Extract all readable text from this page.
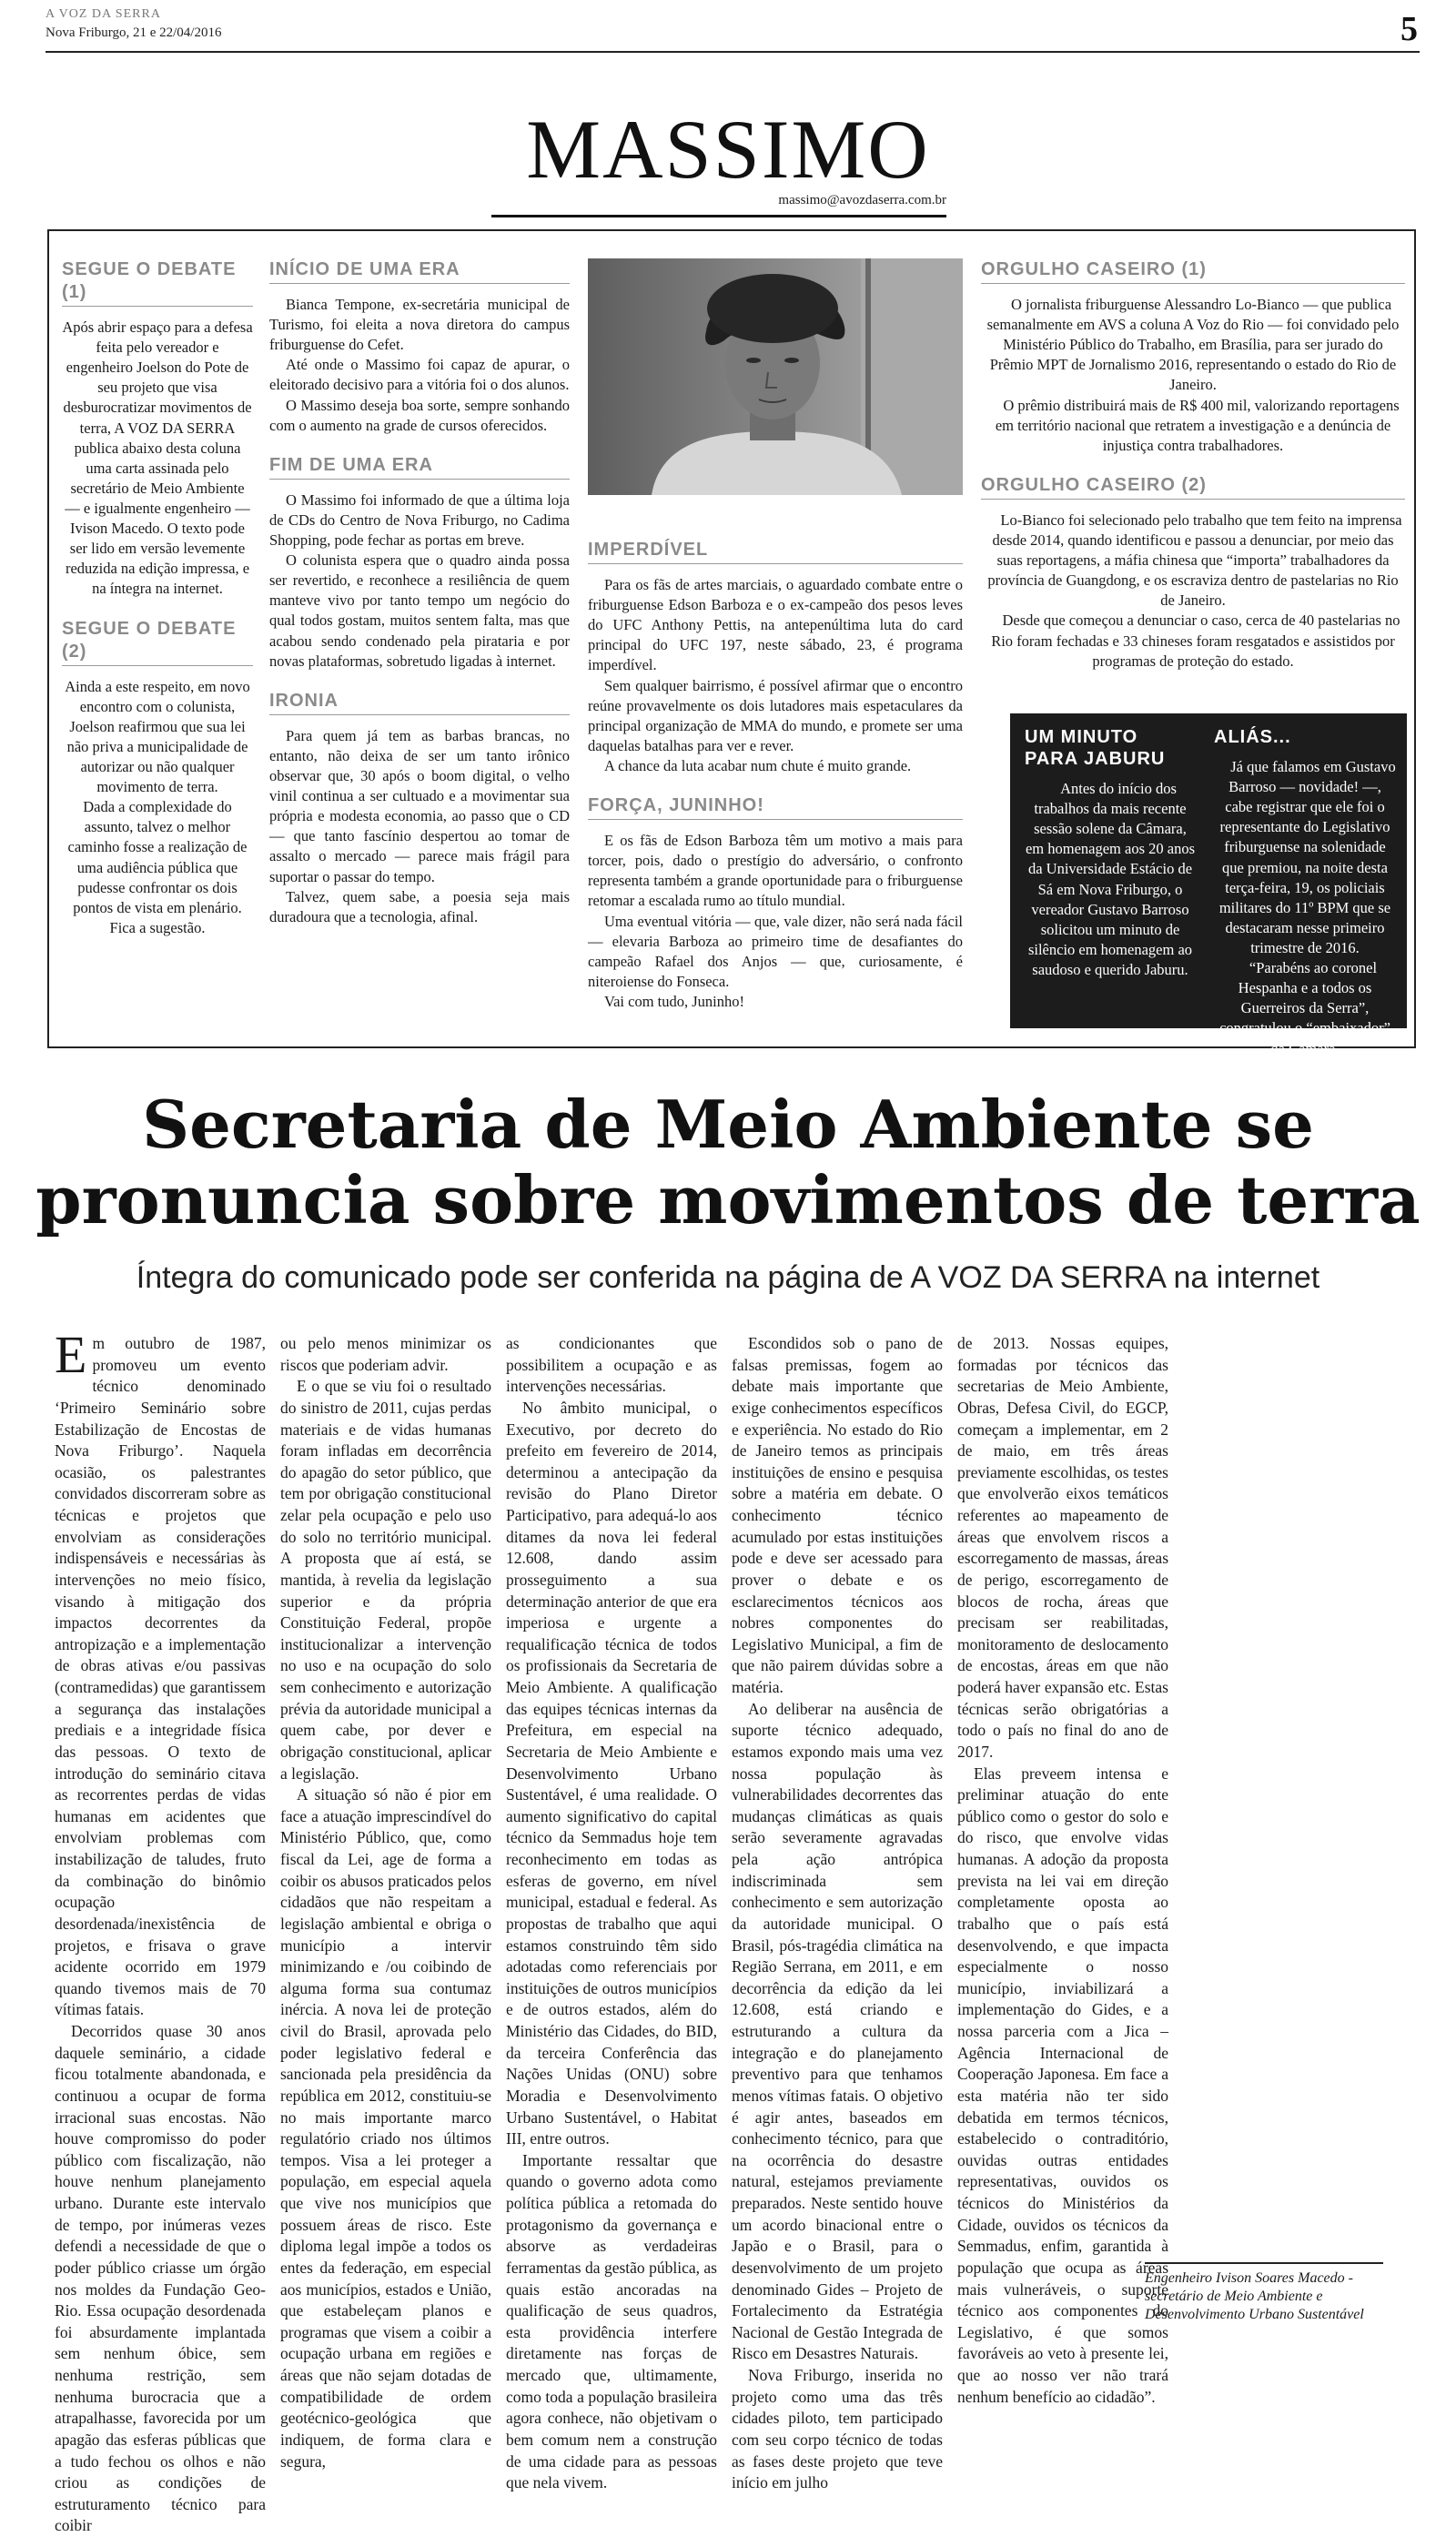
A VOZ DA SERRA
Nova Friburgo, 21 e 22/04/2016	5
MASSIMO
massimo@avozdaserra.com.br
SEGUE O DEBATE (1)

Após abrir espaço para a defesa feita pelo vereador e engenheiro Joelson do Pote de seu projeto que visa desburocratizar movimentos de terra, A VOZ DA SERRA publica abaixo desta coluna uma carta assinada pelo secretário de Meio Ambiente — e igualmente engenheiro — Ivison Macedo. O texto pode ser lido em versão levemente reduzida na edição impressa, e na íntegra na internet.

SEGUE O DEBATE (2)

Ainda a este respeito, em novo encontro com o colunista, Joelson reafirmou que sua lei não priva a municipalidade de autorizar ou não qualquer movimento de terra.

Dada a complexidade do assunto, talvez o melhor caminho fosse a realização de uma audiência pública que pudesse confrontar os dois pontos de vista em plenário.

Fica a sugestão.

INÍCIO DE UMA ERA

Bianca Tempone, ex-secretária municipal de Turismo, foi eleita a nova diretora do campus friburguense do Cefet.

Até onde o Massimo foi capaz de apurar, o eleitorado decisivo para a vitória foi o dos alunos.

O Massimo deseja boa sorte, sempre sonhando com o aumento na grade de cursos oferecidos.

FIM DE UMA ERA

O Massimo foi informado de que a última loja de CDs do Centro de Nova Friburgo, no Cadima Shopping, pode fechar as portas em breve.

O colunista espera que o quadro ainda possa ser revertido, e reconhece a resiliência de quem manteve vivo por tanto tempo um negócio do qual todos gostam, muitos sentem falta, mas que acabou sendo condenado pela pirataria e por novas plataformas, sobretudo ligadas à internet.

IRONIA

Para quem já tem as barbas brancas, no entanto, não deixa de ser um tanto irônico observar que, 30 após o boom digital, o velho vinil continua a ser cultuado e a movimentar sua própria e modesta economia, ao passo que o CD — que tanto fascínio despertou ao tomar de assalto o mercado — parece mais frágil para suportar o passar do tempo.

Talvez, quem sabe, a poesia seja mais duradoura que a tecnologia, afinal.

IMPERDÍVEL

Para os fãs de artes marciais, o aguardado combate entre o friburguense Edson Barboza e o ex-campeão dos pesos leves do UFC Anthony Pettis, na antepenúltima luta do card principal do UFC 197, neste sábado, 23, é programa imperdível.

Sem qualquer bairrismo, é possível afirmar que o encontro reúne provavelmente os dois lutadores mais espetaculares da principal organização de MMA do mundo, e promete ser uma daquelas batalhas para ver e rever.

A chance da luta acabar num chute é muito grande.

FORÇA, JUNINHO!

E os fãs de Edson Barboza têm um motivo a mais para torcer, pois, dado o prestígio do adversário, o confronto representa também a grande oportunidade para o friburguense retomar a escalada rumo ao título mundial.

Uma eventual vitória — que, vale dizer, não será nada fácil — elevaria Barboza ao primeiro time de desafiantes do campeão Rafael dos Anjos — que, curiosamente, é niteroiense do Fonseca.

Vai com tudo, Juninho!

ORGULHO CASEIRO (1)

O jornalista friburguense Alessandro Lo-Bianco — que publica semanalmente em AVS a coluna A Voz do Rio — foi convidado pelo Ministério Público do Trabalho, em Brasília, para ser jurado do Prêmio MPT de Jornalismo 2016, representando o estado do Rio de Janeiro.

O prêmio distribuirá mais de R$ 400 mil, valorizando reportagens em território nacional que retratem a investigação e a denúncia de injustiça contra trabalhadores.

ORGULHO CASEIRO (2)

Lo-Bianco foi selecionado pelo trabalho que tem feito na imprensa desde 2014, quando identificou e passou a denunciar, por meio das suas reportagens, a máfia chinesa que “importa” trabalhadores da província de Guangdong, e os escraviza dentro de pastelarias no Rio de Janeiro.

Desde que começou a denunciar o caso, cerca de 40 pastelarias no Rio foram fechadas e 33 chineses foram resgatados e assistidos por programas de proteção do estado.

UM MINUTO PARA JABURU

Antes do início dos trabalhos da mais recente sessão solene da Câmara, em homenagem aos 20 anos da Universidade Estácio de Sá em Nova Friburgo, o vereador Gustavo Barroso solicitou um minuto de silêncio em homenagem ao saudoso e querido Jaburu.

ALIÁS...

Já que falamos em Gustavo Barroso — novidade! —, cabe registrar que ele foi o representante do Legislativo friburguense na solenidade que premiou, na noite desta terça-feira, 19, os policiais militares do 11º BPM que se destacaram nesse primeiro trimestre de 2016.

“Parabéns ao coronel Hespanha e a todos os Guerreiros da Serra”, congratulou o “embaixador” da Câmara.

Secretaria de Meio Ambiente se pronuncia sobre movimentos de terra
Íntegra do comunicado pode ser conferida na página de A VOZ DA SERRA na internet

Em outubro de 1987, promoveu um evento técnico denominado ‘Primeiro Seminário sobre Estabilização de Encostas de Nova Friburgo’. Naquela ocasião, os palestrantes convidados discorreram sobre as técnicas e projetos que envolviam as considerações indispensáveis e necessárias às intervenções no meio físico, visando à mitigação dos impactos decorrentes da antropização e a implementação de obras ativas e/ou passivas (contramedidas) que garantissem a segurança das instalações prediais e a integridade física das pessoas. O texto de introdução do seminário citava as recorrentes perdas de vidas humanas em acidentes que envolviam problemas com instabilização de taludes, fruto da combinação do binômio ocupação desordenada/inexistência de projetos, e frisava o grave acidente ocorrido em 1979 quando tivemos mais de 70 vítimas fatais.

Decorridos quase 30 anos daquele seminário, a cidade ficou totalmente abandonada, e continuou a ocupar de forma irracional suas encostas. Não houve compromisso do poder público com fiscalização, não houve nenhum planejamento urbano. Durante este intervalo de tempo, por inúmeras vezes defendi a necessidade de que o poder público criasse um órgão nos moldes da Fundação Geo-Rio. Essa ocupação desordenada foi absurdamente implantada sem nenhum óbice, sem nenhuma restrição, sem nenhuma burocracia que a atrapalhasse, favorecida por um apagão das esferas públicas que a tudo fechou os olhos e não criou as condições de estruturamento técnico para coibir

ou pelo menos minimizar os riscos que poderiam advir.

E o que se viu foi o resultado do sinistro de 2011, cujas perdas materiais e de vidas humanas foram infladas em decorrência do apagão do setor público, que tem por obrigação constitucional zelar pela ocupação e pelo uso do solo no território municipal. A proposta que aí está, se mantida, à revelia da legislação superior e da própria Constituição Federal, propõe institucionalizar a intervenção no uso e na ocupação do solo sem conhecimento e autorização prévia da autoridade municipal a quem cabe, por dever e obrigação constitucional, aplicar a legislação.

A situação só não é pior em face a atuação imprescindível do Ministério Público, que, como fiscal da Lei, age de forma a coibir os abusos praticados pelos cidadãos que não respeitam a legislação ambiental e obriga o município a intervir minimizando e /ou coibindo de alguma forma sua contumaz inércia. A nova lei de proteção civil do Brasil, aprovada pelo poder legislativo federal e sancionada pela presidência da república em 2012, constituiu-se no mais importante marco regulatório criado nos últimos tempos. Visa a lei proteger a população, em especial aquela que vive nos municípios que possuem áreas de risco. Este diploma legal impõe a todos os entes da federação, em especial aos municípios, estados e União, que estabeleçam planos e programas que visem a coibir a ocupação urbana em regiões e áreas que não sejam dotadas de compatibilidade de ordem geotécnico-geológica que indiquem, de forma clara e segura,

as condicionantes que possibilitem a ocupação e as intervenções necessárias.

No âmbito municipal, o Executivo, por decreto do prefeito em fevereiro de 2014, determinou a antecipação da revisão do Plano Diretor Participativo, para adequá-lo aos ditames da nova lei federal 12.608, dando assim prosseguimento a sua determinação anterior de que era imperiosa e urgente a requalificação técnica de todos os profissionais da Secretaria de Meio Ambiente. A qualificação das equipes técnicas internas da Prefeitura, em especial na Secretaria de Meio Ambiente e Desenvolvimento Urbano Sustentável, é uma realidade. O aumento significativo do capital técnico da Semmadus hoje tem reconhecimento em todas as esferas de governo, em nível municipal, estadual e federal. As propostas de trabalho que aqui estamos construindo têm sido adotadas como referenciais por instituições de outros municípios e de outros estados, além do Ministério das Cidades, do BID, da terceira Conferência das Nações Unidas (ONU) sobre Moradia e Desenvolvimento Urbano Sustentável, o Habitat III, entre outros.

Importante ressaltar que quando o governo adota como política pública a retomada do protagonismo da governança e absorve as verdadeiras ferramentas da gestão pública, as quais estão ancoradas na qualificação de seus quadros, esta providência interfere diretamente nas forças de mercado que, ultimamente, como toda a população brasileira agora conhece, não objetivam o bem comum nem a construção de uma cidade para as pessoas que nela vivem.

Escondidos sob o pano de falsas premissas, fogem ao debate mais importante que exige conhecimentos específicos e experiência. No estado do Rio de Janeiro temos as principais instituições de ensino e pesquisa sobre a matéria em debate. O conhecimento técnico acumulado por estas instituições pode e deve ser acessado para prover o debate e os esclarecimentos técnicos aos nobres componentes do Legislativo Municipal, a fim de que não pairem dúvidas sobre a matéria.

Ao deliberar na ausência de suporte técnico adequado, estamos expondo mais uma vez nossa população às vulnerabilidades decorrentes das mudanças climáticas as quais serão severamente agravadas pela ação antrópica indiscriminada sem conhecimento e sem autorização da autoridade municipal. O Brasil, pós-tragédia climática na Região Serrana, em 2011, e em decorrência da edição da lei 12.608, está criando e estruturando a cultura da integração e do planejamento preventivo para que tenhamos menos vítimas fatais. O objetivo é agir antes, baseados em conhecimento técnico, para que na ocorrência do desastre natural, estejamos previamente preparados. Neste sentido houve um acordo binacional entre o Japão e o Brasil, para o desenvolvimento de um projeto denominado Gides – Projeto de Fortalecimento da Estratégia Nacional de Gestão Integrada de Risco em Desastres Naturais.

Nova Friburgo, inserida no projeto como uma das três cidades piloto, tem participado com seu corpo técnico de todas as fases deste projeto que teve início em julho

de 2013. Nossas equipes, formadas por técnicos das secretarias de Meio Ambiente, Obras, Defesa Civil, do EGCP, começam a implementar, em 2 de maio, em três áreas previamente escolhidas, os testes que envolverão eixos temáticos referentes ao mapeamento de áreas que envolvem riscos a escorregamento de massas, áreas de perigo, escorregamento de blocos de rocha, áreas que precisam ser reabilitadas, monitoramento de deslocamento de encostas, áreas em que não poderá haver expansão etc. Estas técnicas serão obrigatórias a todo o país no final do ano de 2017.

Elas preveem intensa e preliminar atuação do ente público como o gestor do solo e do risco, que envolve vidas humanas. A adoção da proposta prevista na lei vai em direção completamente oposta ao trabalho que o país está desenvolvendo, e que impacta especialmente o nosso município, inviabilizará a implementação do Gides, e a nossa parceria com a Jica – Agência Internacional de Cooperação Japonesa. Em face a esta matéria não ter sido debatida em termos técnicos, estabelecido o contraditório, ouvidas outras entidades representativas, ouvidos os técnicos do Ministérios da Cidade, ouvidos os técnicos da Semmadus, enfim, garantida à população que ocupa as áreas mais vulneráveis, o suporte técnico aos componentes do Legislativo, é que somos favoráveis ao veto à presente lei, que ao nosso ver não trará nenhum benefício ao cidadão”.

Engenheiro Ivison Soares Macedo - secretário de Meio Ambiente e Desenvolvimento Urbano Sustentável
